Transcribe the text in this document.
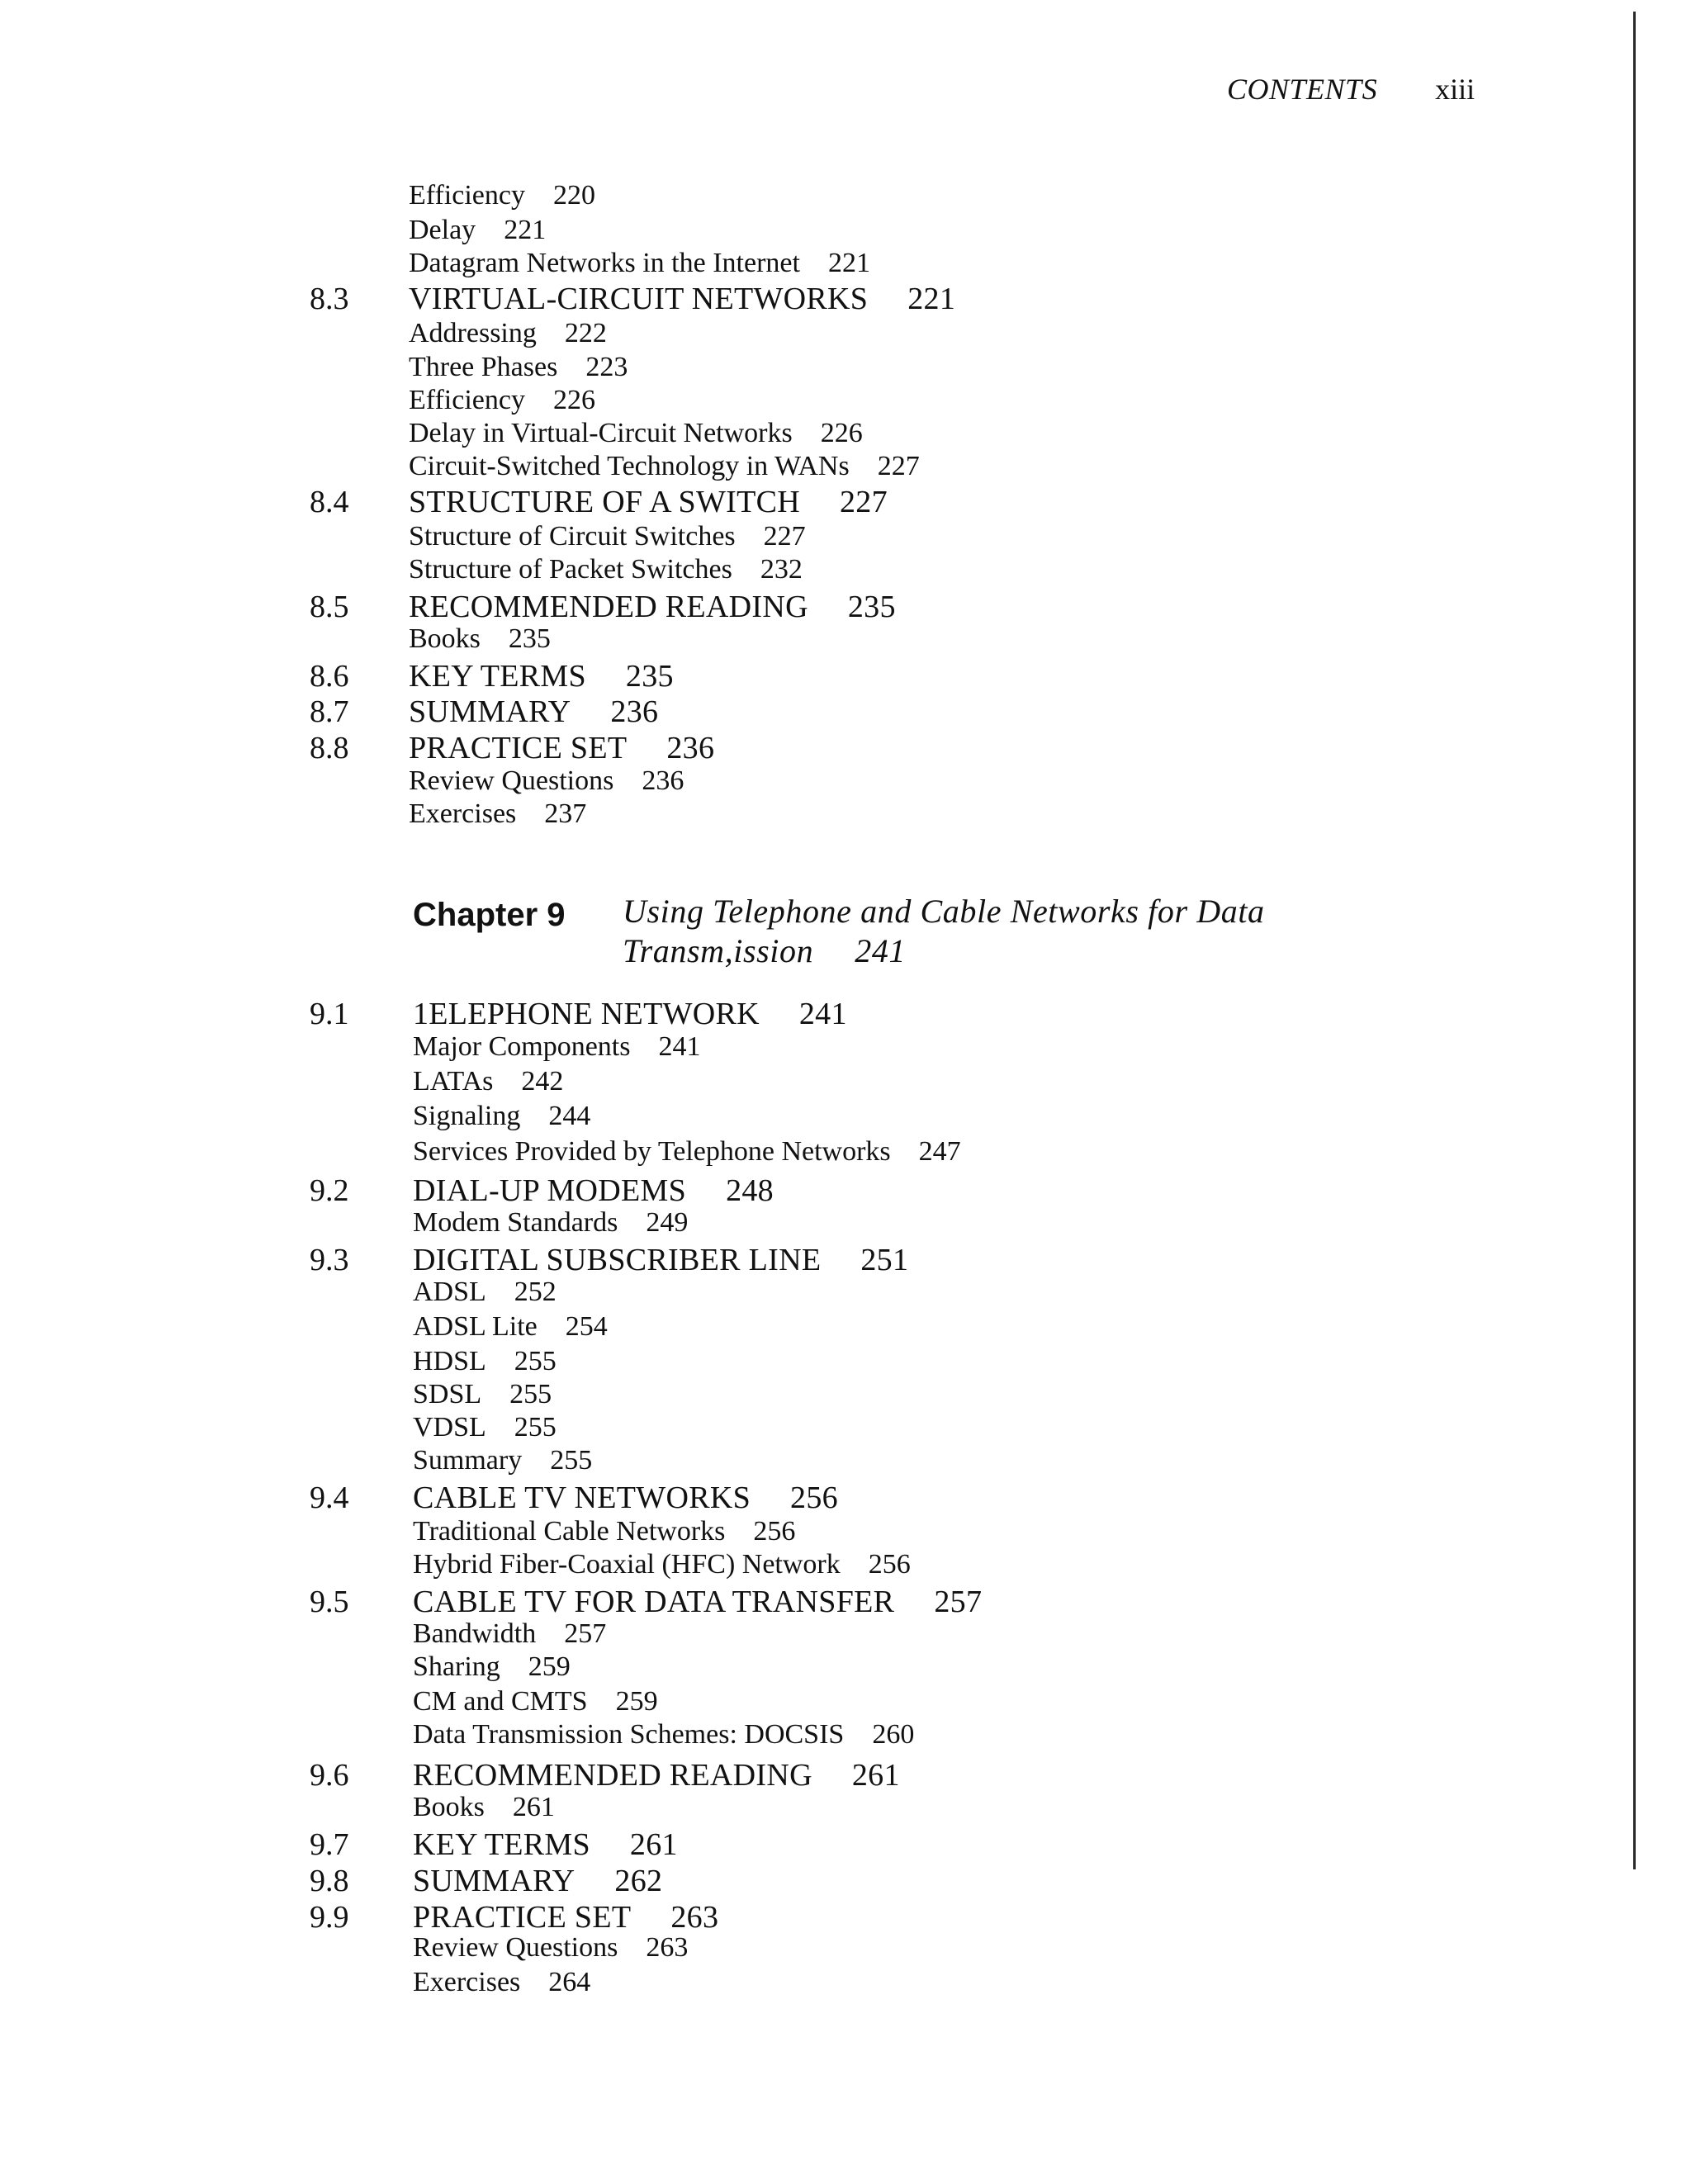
CONTENTS xiii
Efficiency 220
Delay 221
Datagram Networks in the Internet 221
8.3 VIRTUAL-CIRCUIT NETWORKS 221
Addressing 222
Three Phases 223
Efficiency 226
Delay in Virtual-Circuit Networks 226
Circuit-Switched Technology in WANs 227
8.4 STRUCTURE OF A SWITCH 227
Structure of Circuit Switches 227
Structure of Packet Switches 232
8.5 RECOMMENDED READING 235
Books 235
8.6 KEY TERMS 235
8.7 SUMMARY 236
8.8 PRACTICE SET 236
Review Questions 236
Exercises 237
Chapter 9 Using Telephone and Cable Networks for Data
Transm,ission 241
9.1 1ELEPHONE NETWORK 241
Major Components 241
LATAs 242
Signaling 244
Services Provided by Telephone Networks 247
9.2 DIAL-UP MODEMS 248
Modem Standards 249
9.3 DIGITAL SUBSCRIBER LINE 251
ADSL 252
ADSL Lite 254
HDSL 255
SDSL 255
VDSL 255
Summary 255
9.4 CABLE TV NETWORKS 256
Traditional Cable Networks 256
Hybrid Fiber-Coaxial (HFC) Network 256
9.5 CABLE TV FOR DATA TRANSFER 257
Bandwidth 257
Sharing 259
CM and CMTS 259
Data Transmission Schemes: DOCSIS 260
9.6 RECOMMENDED READING 261
Books 261
9.7 KEY TERMS 261
9.8 SUMMARY 262
9.9 PRACTICE SET 263
Review Questions 263
Exercises 264
